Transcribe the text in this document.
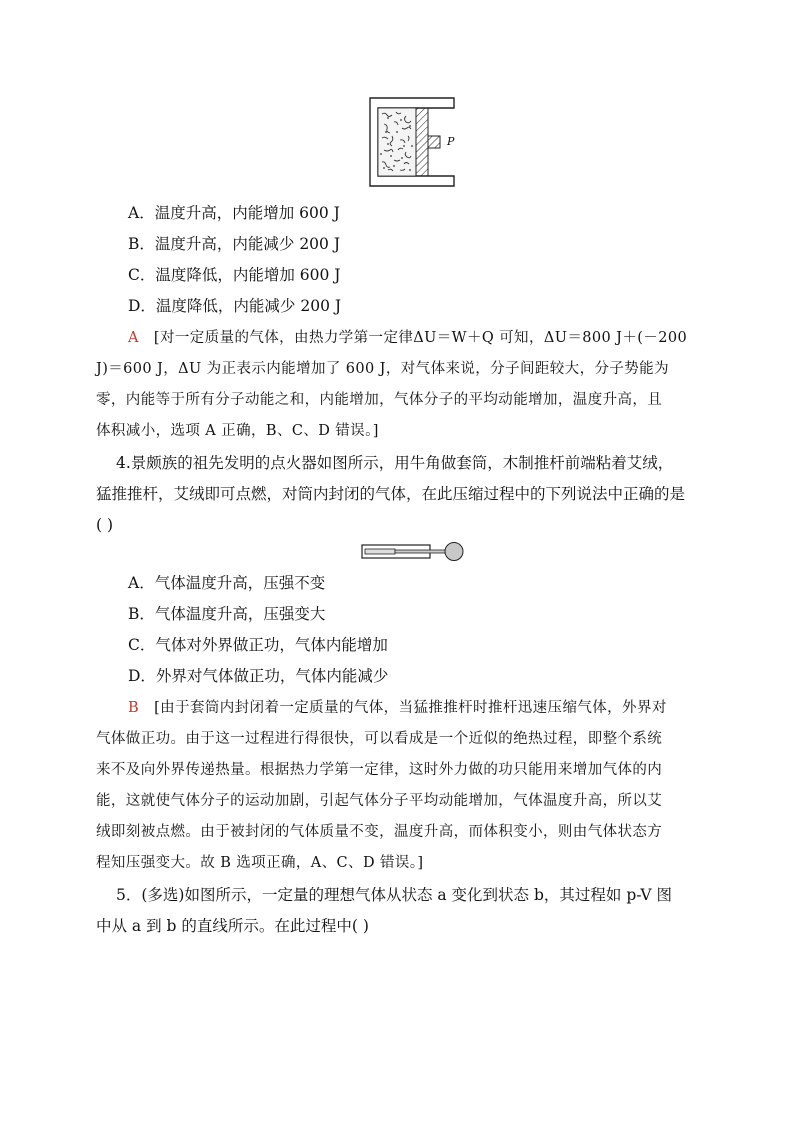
P
A．温度升高，内能增加 600 J
B．温度升高，内能减少 200 J
C．温度降低，内能增加 600 J
D．温度降低，内能减少 200 J
A [对一定质量的气体，由热力学第一定律ΔU＝W＋Q 可知，ΔU＝800 J＋(－200
J)＝600 J，ΔU 为正表示内能增加了 600 J，对气体来说，分子间距较大，分子势能为
零，内能等于所有分子动能之和，内能增加，气体分子的平均动能增加，温度升高，且
体积减小，选项 A 正确，B、C、D 错误。]
4.景颇族的祖先发明的点火器如图所示，用牛角做套筒，木制推杆前端粘着艾绒，
猛推推杆，艾绒即可点燃，对筒内封闭的气体，在此压缩过程中的下列说法中正确的是
( )
A．气体温度升高，压强不变
B．气体温度升高，压强变大
C．气体对外界做正功，气体内能增加
D．外界对气体做正功，气体内能减少
B [由于套筒内封闭着一定质量的气体，当猛推推杆时推杆迅速压缩气体，外界对
气体做正功。由于这一过程进行得很快，可以看成是一个近似的绝热过程，即整个系统
来不及向外界传递热量。根据热力学第一定律，这时外力做的功只能用来增加气体的内
能，这就使气体分子的运动加剧，引起气体分子平均动能增加，气体温度升高，所以艾
绒即刻被点燃。由于被封闭的气体质量不变，温度升高，而体积变小，则由气体状态方
程知压强变大。故 B 选项正确，A、C、D 错误。]
5．(多选)如图所示，一定量的理想气体从状态 a 变化到状态 b，其过程如 p-V 图
中从 a 到 b 的直线所示。在此过程中( )
